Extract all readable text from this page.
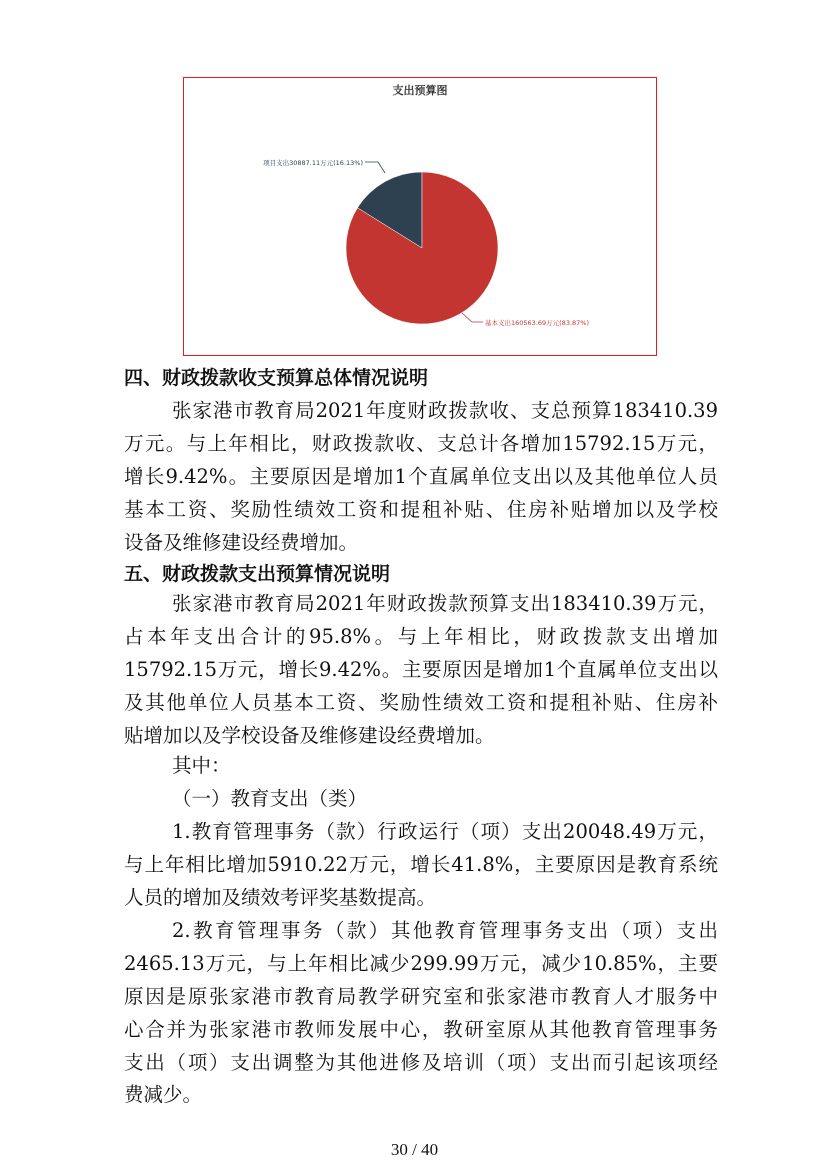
支出预算图
项目支出30887.11万元(16.13%)
基本支出160563.69万元(83.87%)
四、财政拨款收支预算总体情况说明
张家港市教育局2021年度财政拨款收、支总预算183410.39
万元。与上年相比，财政拨款收、支总计各增加15792.15万元，
增长9.42%。主要原因是增加1个直属单位支出以及其他单位人员
基本工资、奖励性绩效工资和提租补贴、住房补贴增加以及学校
设备及维修建设经费增加。
五、财政拨款支出预算情况说明
张家港市教育局2021年财政拨款预算支出183410.39万元，
占本年支出合计的95.8%。与上年相比，财政拨款支出增加
15792.15万元，增长9.42%。主要原因是增加1个直属单位支出以
及其他单位人员基本工资、奖励性绩效工资和提租补贴、住房补
贴增加以及学校设备及维修建设经费增加。
其中：
（一）教育支出（类）
1.教育管理事务（款）行政运行（项）支出20048.49万元，
与上年相比增加5910.22万元，增长41.8%，主要原因是教育系统
人员的增加及绩效考评奖基数提高。
2.教育管理事务（款）其他教育管理事务支出（项）支出
2465.13万元，与上年相比减少299.99万元，减少10.85%，主要
原因是原张家港市教育局教学研究室和张家港市教育人才服务中
心合并为张家港市教师发展中心，教研室原从其他教育管理事务
支出（项）支出调整为其他进修及培训（项）支出而引起该项经
费减少。
30 / 40
